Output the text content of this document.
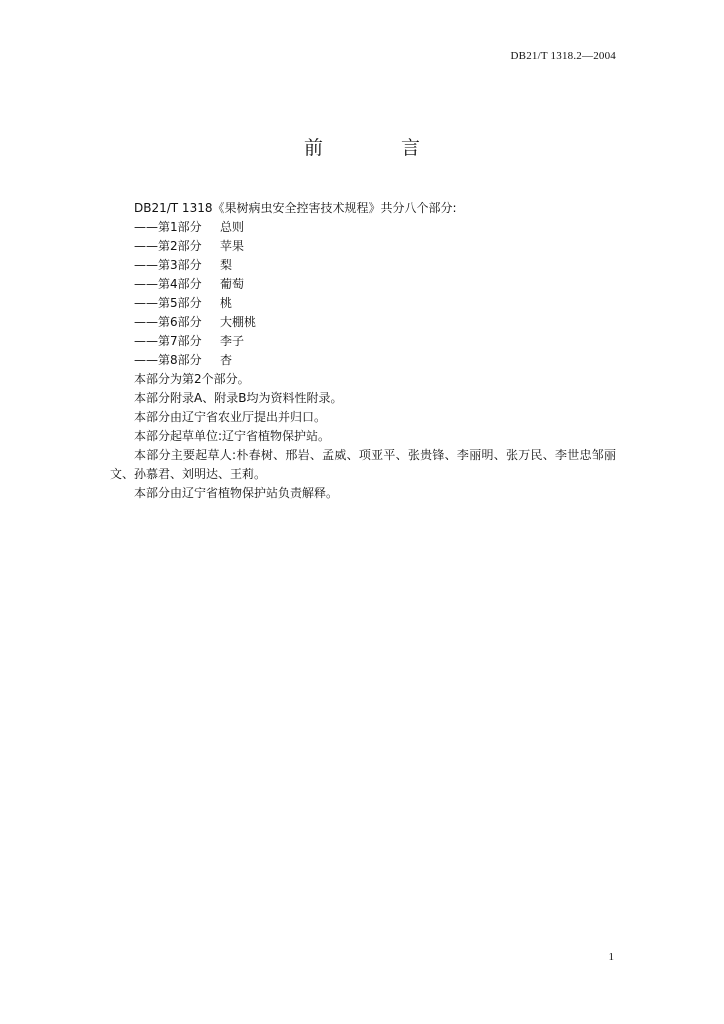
DB21/T 1318.2—2004
前 言

DB21/T 1318《果树病虫安全控害技术规程》共分八个部分:

——第1部分	总则

——第2部分	苹果

——第3部分	梨

——第4部分	葡萄

——第5部分	桃

——第6部分	大棚桃

——第7部分	李子

——第8部分	杏

本部分为第2个部分。

本部分附录A、附录B均为资料性附录。

本部分由辽宁省农业厅提出并归口。

本部分起草单位:辽宁省植物保护站。

本部分主要起草人:朴春树、邢岩、孟威、项亚平、张贵锋、李丽明、张万民、李世忠邹丽文、孙慕君、刘明达、王莉。

本部分由辽宁省植物保护站负责解释。

1
